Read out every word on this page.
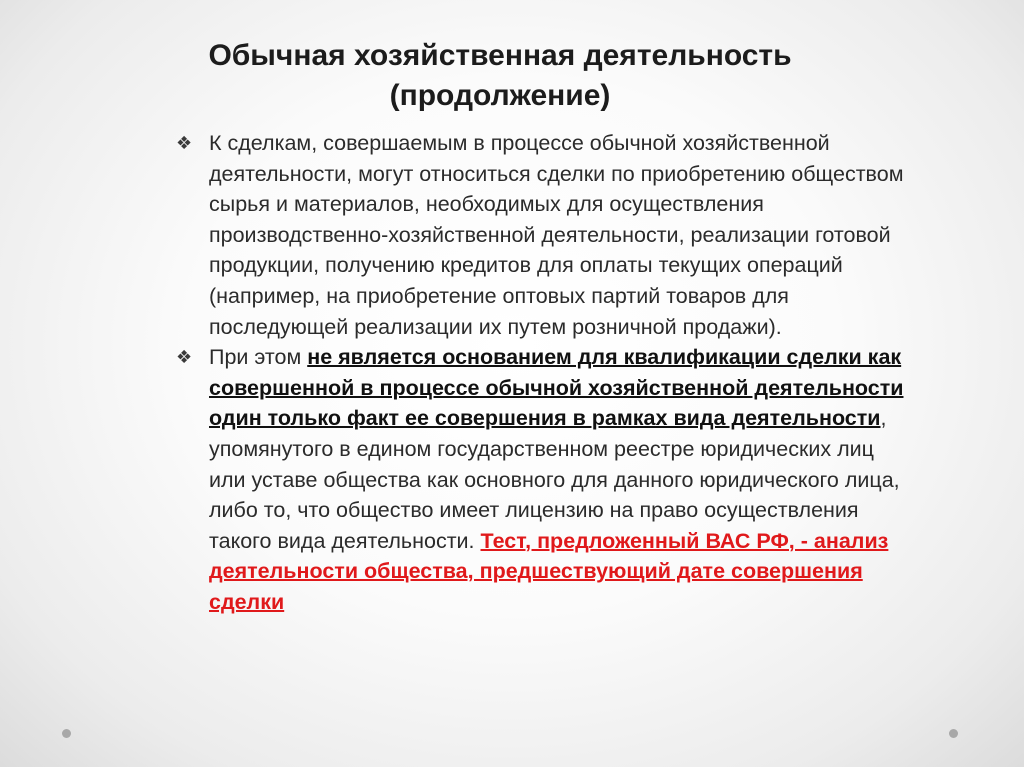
Обычная хозяйственная деятельность
(продолжение)
❖ К сделкам, совершаемым в процессе обычной хозяйственной деятельности, могут относиться сделки по приобретению обществом сырья и материалов, необходимых для осуществления производственно-хозяйственной деятельности, реализации готовой продукции, получению кредитов для оплаты текущих операций (например, на приобретение оптовых партий товаров для последующей реализации их путем розничной продажи).
❖ При этом не является основанием для квалификации сделки как совершенной в процессе обычной хозяйственной деятельности один только факт ее совершения в рамках вида деятельности, упомянутого в едином государственном реестре юридических лиц или уставе общества как основного для данного юридического лица, либо то, что общество имеет лицензию на право осуществления такого вида деятельности. Тест, предложенный ВАС РФ, - анализ деятельности общества, предшествующий дате совершения сделки
